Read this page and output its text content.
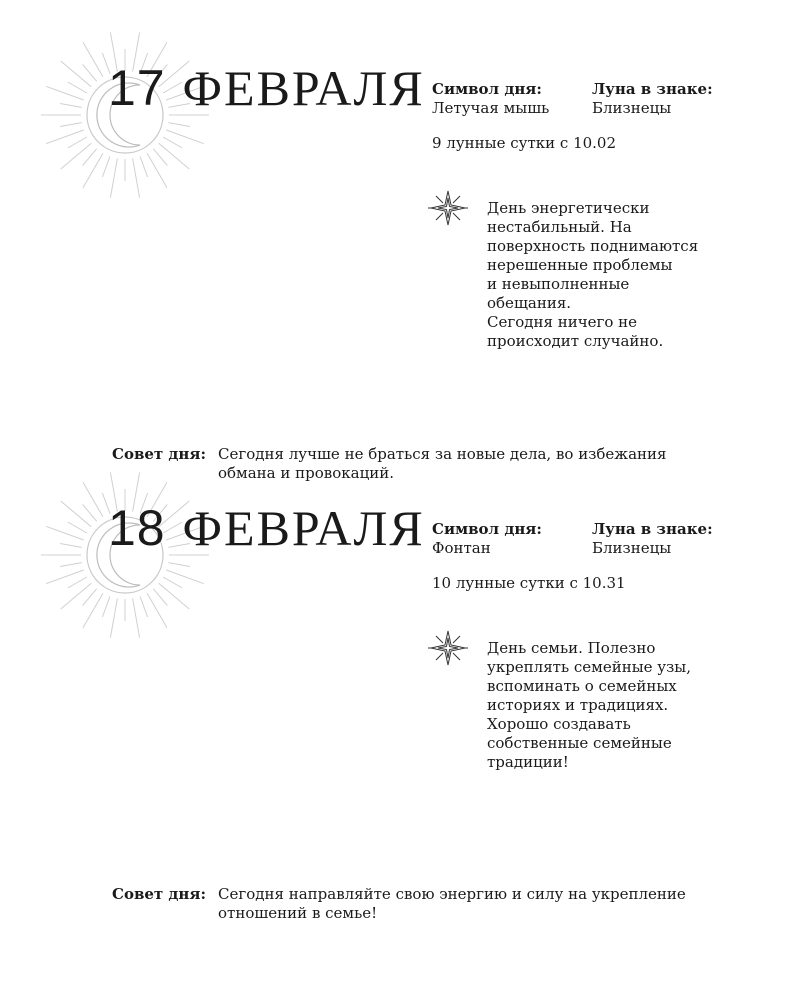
17 ФЕВРАЛЯ Символ дня:
Летучая мышь
Луна в знаке:
Близнецы
9 лунные сутки с 10.02
День энергетически
нестабильный. На
поверхность поднимаются
нерешенные проблемы
и невыполненные
обещания.
Сегодня ничего не
происходит случайно.
Совет дня: Сегодня лучше не браться за новые дела, во избежания
обмана и провокаций.
18 ФЕВРАЛЯ Символ дня:
Фонтан
Луна в знаке:
Близнецы
10 лунные сутки с 10.31
День семьи. Полезно
укреплять семейные узы,
вспоминать о семейных
историях и традициях.
Хорошо создавать
собственные семейные
традиции!
Совет дня: Сегодня направляйте свою энергию и силу на укрепление
отношений в семье!
